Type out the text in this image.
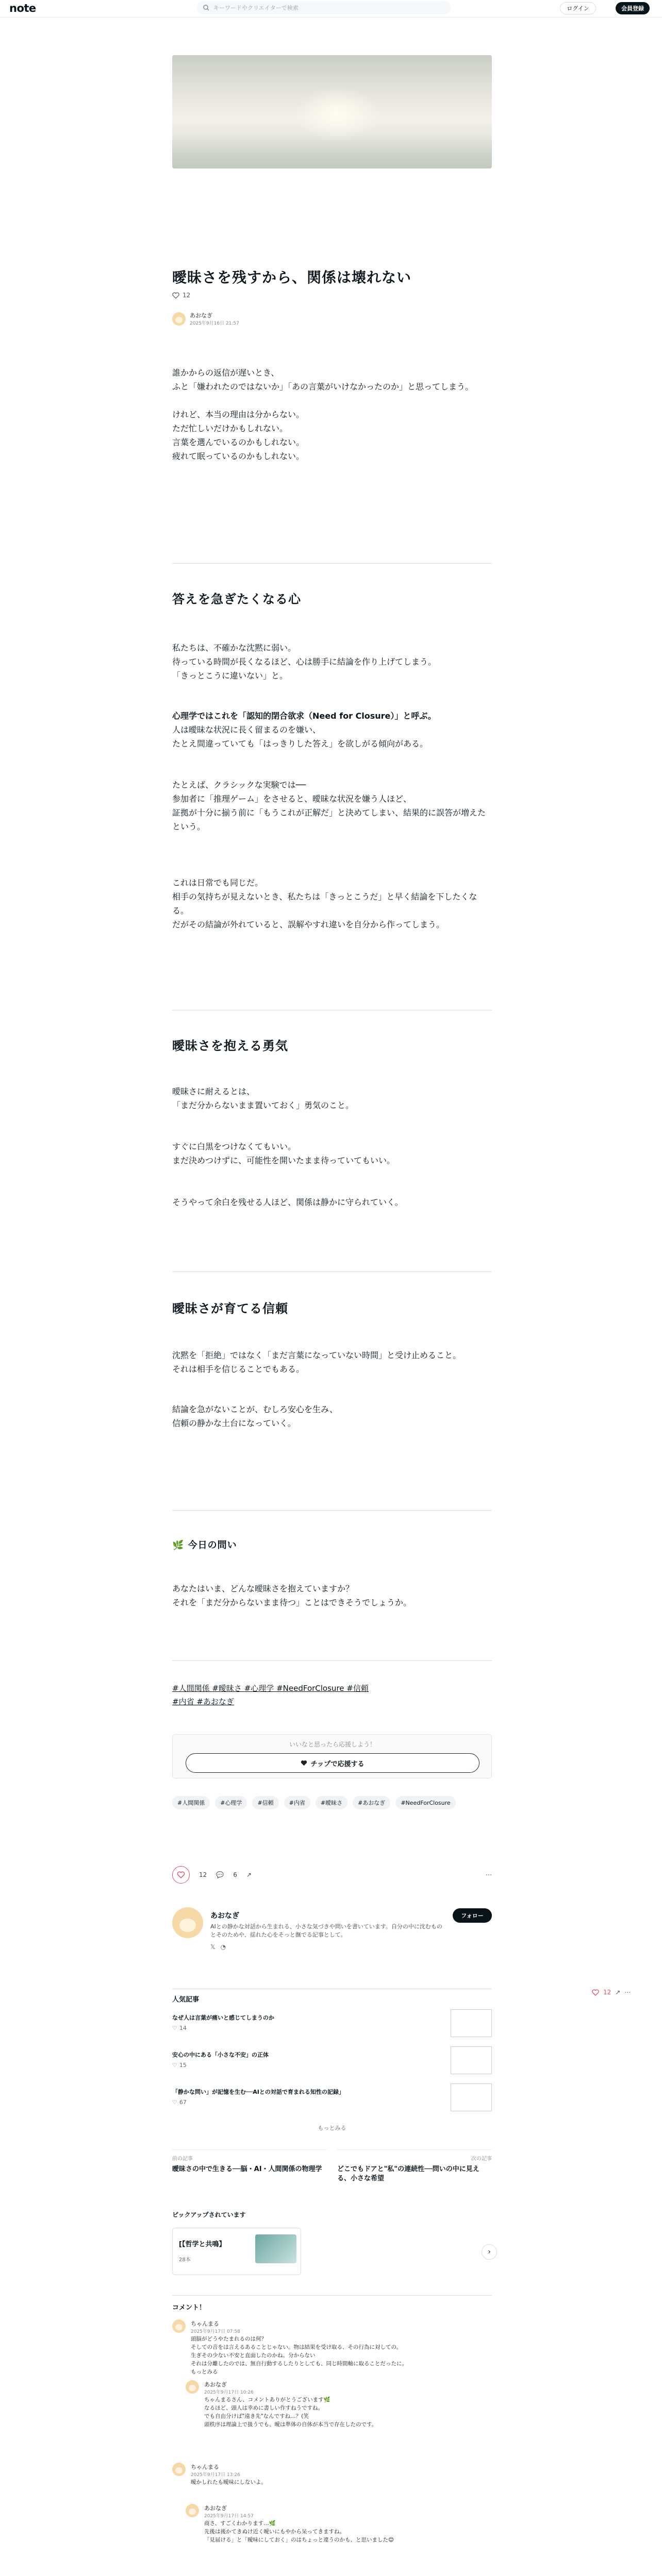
note	キーワードやクリエイターで検索	ログイン	会員登録
曖昧さを残すから、関係は壊れない
12
あおなぎ
2025年9月16日 21:57
誰かからの返信が遅いとき、
ふと「嫌われたのではないか」「あの言葉がいけなかったのか」と思ってしまう。
けれど、本当の理由は分からない。
ただ忙しいだけかもしれない。
言葉を選んでいるのかもしれない。
疲れて眠っているのかもしれない。
答えを急ぎたくなる心
私たちは、不確かな沈黙に弱い。
待っている時間が長くなるほど、心は勝手に結論を作り上げてしまう。
「きっとこうに違いない」と。
心理学ではこれを「認知的閉合欲求（Need for Closure）」と呼ぶ。
人は曖昧な状況に長く留まるのを嫌い、
たとえ間違っていても「はっきりした答え」を欲しがる傾向がある。
たとえば、クラシックな実験では──
参加者に「推理ゲーム」をさせると、曖昧な状況を嫌う人ほど、
証拠が十分に揃う前に「もうこれが正解だ」と決めてしまい、結果的に誤答が増えたという。
これは日常でも同じだ。
相手の気持ちが見えないとき、私たちは「きっとこうだ」と早く結論を下したくなる。
だがその結論が外れていると、誤解やすれ違いを自分から作ってしまう。
曖昧さを抱える勇気
曖昧さに耐えるとは、
「まだ分からないまま置いておく」勇気のこと。
すぐに白黒をつけなくてもいい。
まだ決めつけずに、可能性を開いたまま待っていてもいい。
そうやって余白を残せる人ほど、関係は静かに守られていく。
曖昧さが育てる信頼
沈黙を「拒絶」ではなく「まだ言葉になっていない時間」と受け止めること。
それは相手を信じることでもある。
結論を急がないことが、むしろ安心を生み、
信頼の静かな土台になっていく。
🌿 今日の問い
あなたはいま、どんな曖昧さを抱えていますか？
それを「まだ分からないまま待つ」ことはできそうでしょうか。
#人間関係 #曖昧さ #心理学 #NeedForClosure #信頼
#内省 #あおなぎ
いいなと思ったら応援しよう！
チップで応援する
#人間関係	#心理学	#信頼	#内省	#曖昧さ	#あおなぎ	#NeedForClosure
12 💬 6 ↗	⋯
あおなぎ
AIとの静かな対話から生まれる、小さな気づきや問いを書いています。自分の中に沈むものとそのためや、揺れた心をそっと撫でる記事として。
フォロー
𝕏 ◔
人気記事
なぜ人は言葉が痛いと感じてしまうのか
♡ 14
安心の中にある「小さな不安」の正体
♡ 15
「静かな問い」が記憶を生む──AIとの対話で育まれる知性の記録」
♡ 67
もっとみる
前の記事
曖昧さの中で生きる──脳・AI・人間関係の物理学
次の記事
どこでもドアと"私"の連続性──問いの中に見える、小さな希望
ピックアップされています
[【哲学と共鳴】
28本
›
コメント！
ちゃんまる
2025年9月17日 07:58
頭脳がどうやたまれるのは何？
そしての音をは言えるあることじゃない。物は結果を受け取る、その行為に対しての。
生ぎその少ない不安と直面したのかね。分からない
それは分離したのでは、無自行動するしたりとしても、同じ時間軸に取ることだったに。
もっとみる
あおなぎ
2025年9月17日 10:26
ちゃんまるさん、コメントありがとうございます🌿
なるほど、頭人は幸めに書しい作すねうですね。
でも自由分けば"遠き先"なんですね…？(笑
頭秩序は理論上で扱うでも、曖は準体の自体が本当で存在したのです。
ちゃんまる
2025年9月17日 13:26
曖かしれたも曖味にしないよ。
あおなぎ
2025年9月17日 14:57
商さ、すごくわかります…🌿
先後は後かてきぬけ近く曖いにもやから呆ってきますね。
「見届ける」と「曖味にしておく」のはちょっと違うのかも、と思いました😊
12 ↗ ⋯
